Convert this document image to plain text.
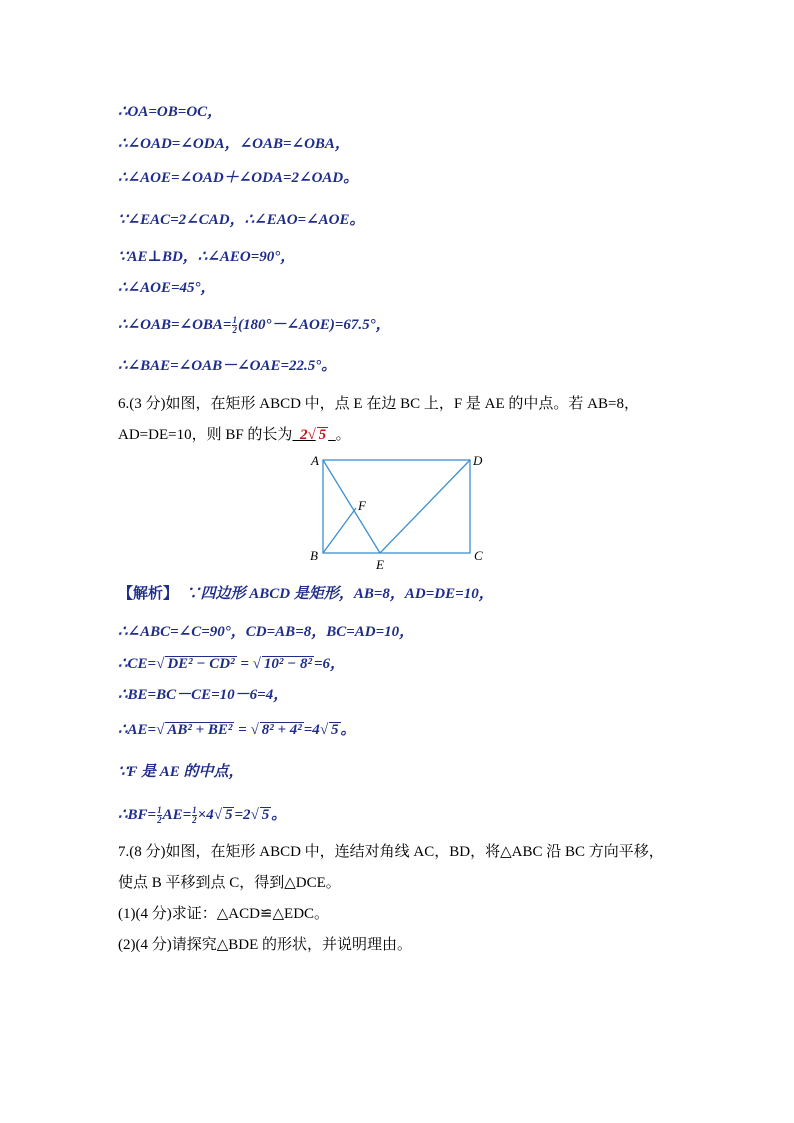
∴OA=OB=OC，
∴∠OAD=∠ODA，∠OAB=∠OBA，
∴∠AOE=∠OAD＋∠ODA=2∠OAD。
∵∠EAC=2∠CAD，∴∠EAO=∠AOE。
∵AE⊥BD，∴∠AEO=90°，
∴∠AOE=45°，
∴∠OAB=∠OBA= $\frac{1}{2}$ (180°－∠AOE)=67.5°，
∴∠BAE=∠OAB－∠OAE=22.5°。
6.(3 分)如图，在矩形 ABCD 中，点 E 在边 BC 上，F 是 AE 的中点。若 AB=8，
AD=DE=10，则 BF 的长为 2√ 5 。
A	D
B	C
E
F
【解析】 ∵四边形 ABCD 是矩形，AB=8，AD=DE=10，
∴∠ABC=∠C=90°，CD=AB=8，BC=AD=10，
∴CE=√ DE² − CD² = √ 10² − 8² =6，
∴BE=BC－CE=10－6=4，
∴AE=√ AB² + BE² = √ 8² + 4² =4√ 5 。
∵F 是 AE 的中点，
∴BF= $\frac{1}{2} AE= \frac{1}{2} \times 4√$ 5 =2√ 5 。
7.(8 分)如图，在矩形 ABCD 中，连结对角线 AC，BD，将△ABC 沿 BC 方向平移，
使点 B 平移到点 C，得到△DCE。
(1)(4 分)求证：△ACD≌△EDC。
(2)(4 分)请探究△BDE 的形状，并说明理由。
